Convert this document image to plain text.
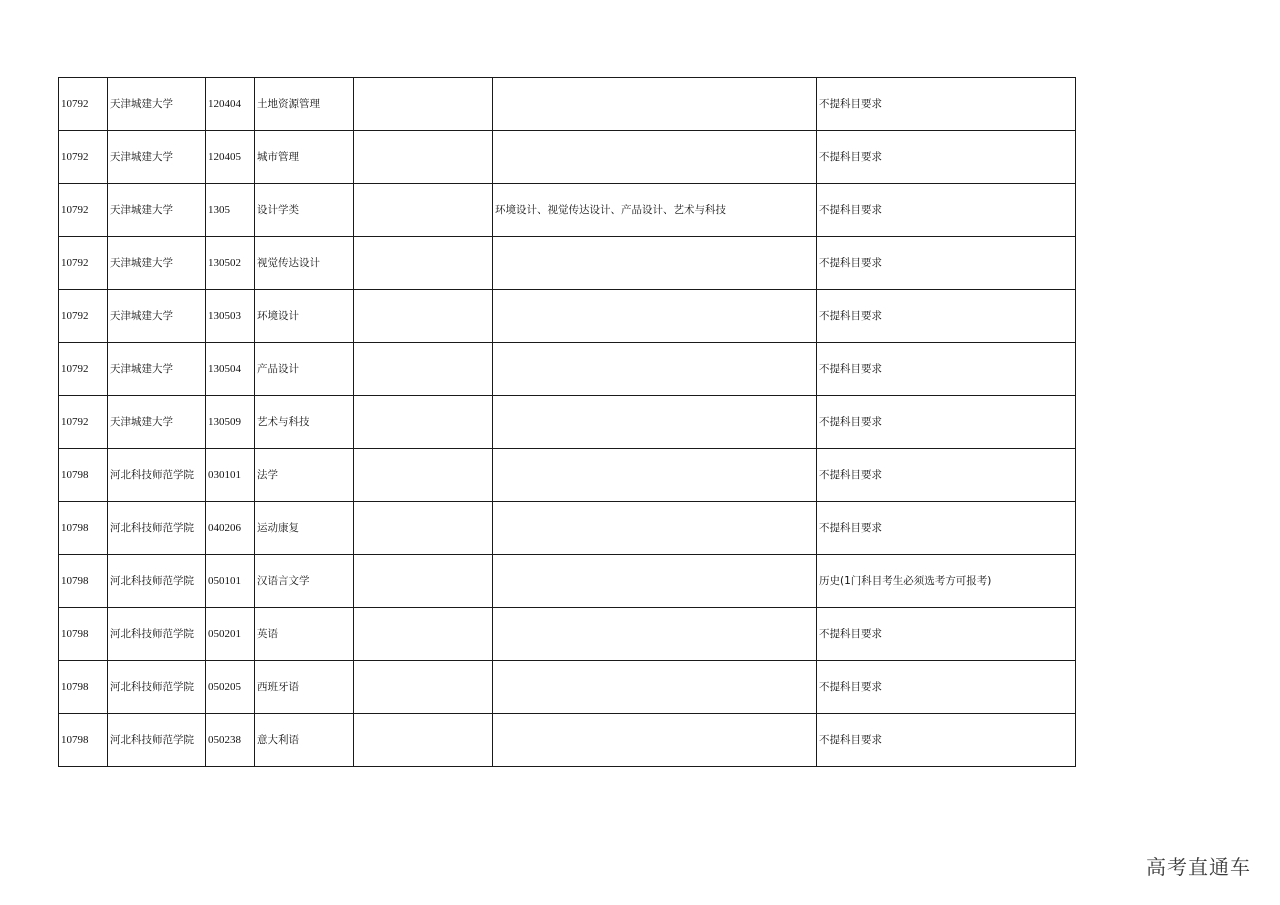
10792	天津城建大学	120404	土地资源管理			不提科目要求
10792	天津城建大学	120405	城市管理			不提科目要求
10792	天津城建大学	1305	设计学类		环境设计、视觉传达设计、产品设计、艺术与科技	不提科目要求
10792	天津城建大学	130502	视觉传达设计			不提科目要求
10792	天津城建大学	130503	环境设计			不提科目要求
10792	天津城建大学	130504	产品设计			不提科目要求
10792	天津城建大学	130509	艺术与科技			不提科目要求
10798	河北科技师范学院	030101	法学			不提科目要求
10798	河北科技师范学院	040206	运动康复			不提科目要求
10798	河北科技师范学院	050101	汉语言文学			历史(1门科目考生必须选考方可报考)
10798	河北科技师范学院	050201	英语			不提科目要求
10798	河北科技师范学院	050205	西班牙语			不提科目要求
10798	河北科技师范学院	050238	意大利语			不提科目要求
高考直通车
